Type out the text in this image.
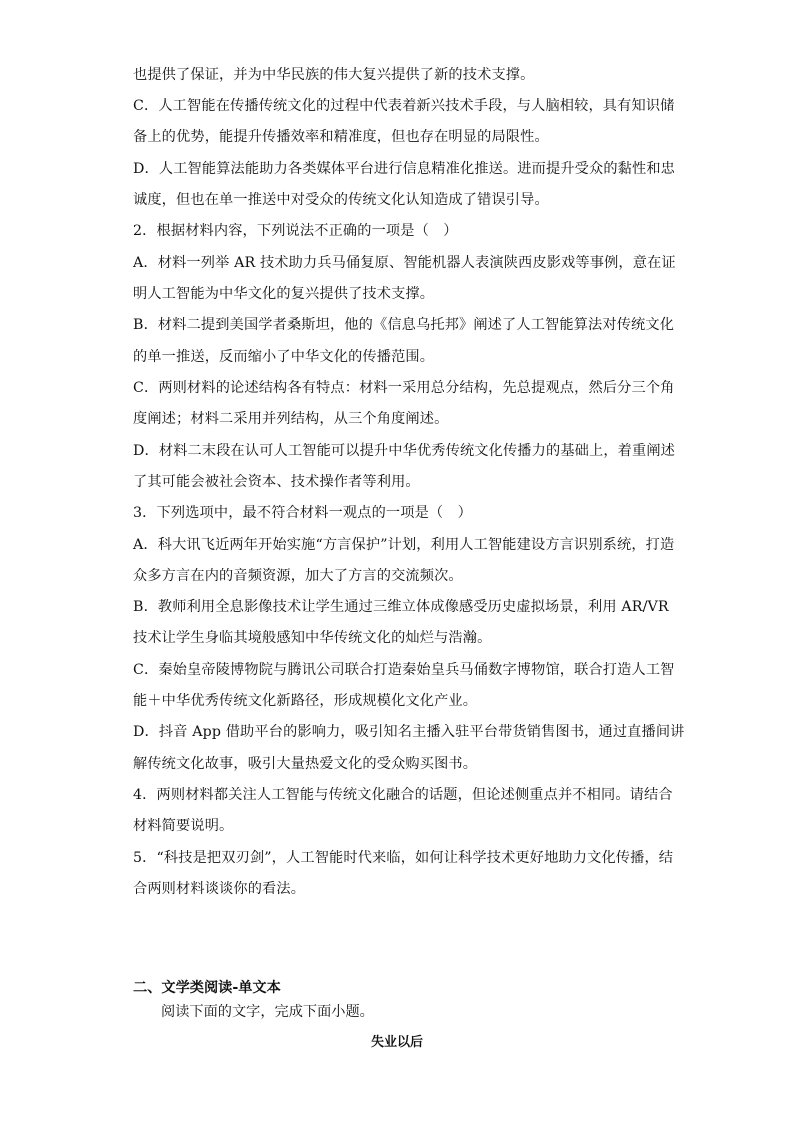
也提供了保证，并为中华民族的伟大复兴提供了新的技术支撑。
C．人工智能在传播传统文化的过程中代表着新兴技术手段，与人脑相较，具有知识储
备上的优势，能提升传播效率和精准度，但也存在明显的局限性。
D．人工智能算法能助力各类媒体平台进行信息精准化推送。进而提升受众的黏性和忠
诚度，但也在单一推送中对受众的传统文化认知造成了错误引导。
2．根据材料内容，下列说法不正确的一项是（　）
A．材料一列举 AR 技术助力兵马俑复原、智能机器人表演陕西皮影戏等事例，意在证
明人工智能为中华文化的复兴提供了技术支撑。
B．材料二提到美国学者桑斯坦，他的《信息乌托邦》阐述了人工智能算法对传统文化
的单一推送，反而缩小了中华文化的传播范围。
C．两则材料的论述结构各有特点：材料一采用总分结构，先总提观点，然后分三个角
度阐述；材料二采用并列结构，从三个角度阐述。
D．材料二末段在认可人工智能可以提升中华优秀传统文化传播力的基础上，着重阐述
了其可能会被社会资本、技术操作者等利用。
3．下列选项中，最不符合材料一观点的一项是（　）
A．科大讯飞近两年开始实施“方言保护”计划，利用人工智能建设方言识别系统，打造
众多方言在内的音频资源，加大了方言的交流频次。
B．教师利用全息影像技术让学生通过三维立体成像感受历史虚拟场景，利用 AR/VR
技术让学生身临其境般感知中华传统文化的灿烂与浩瀚。
C．秦始皇帝陵博物院与腾讯公司联合打造秦始皇兵马俑数字博物馆，联合打造人工智
能＋中华优秀传统文化新路径，形成规模化文化产业。
D．抖音 App 借助平台的影响力，吸引知名主播入驻平台带货销售图书，通过直播间讲
解传统文化故事，吸引大量热爱文化的受众购买图书。
4．两则材料都关注人工智能与传统文化融合的话题，但论述侧重点并不相同。请结合
材料简要说明。
5．“科技是把双刃剑”，人工智能时代来临，如何让科学技术更好地助力文化传播，结
合两则材料谈谈你的看法。
二、文学类阅读-单文本
阅读下面的文字，完成下面小题。
失业以后
